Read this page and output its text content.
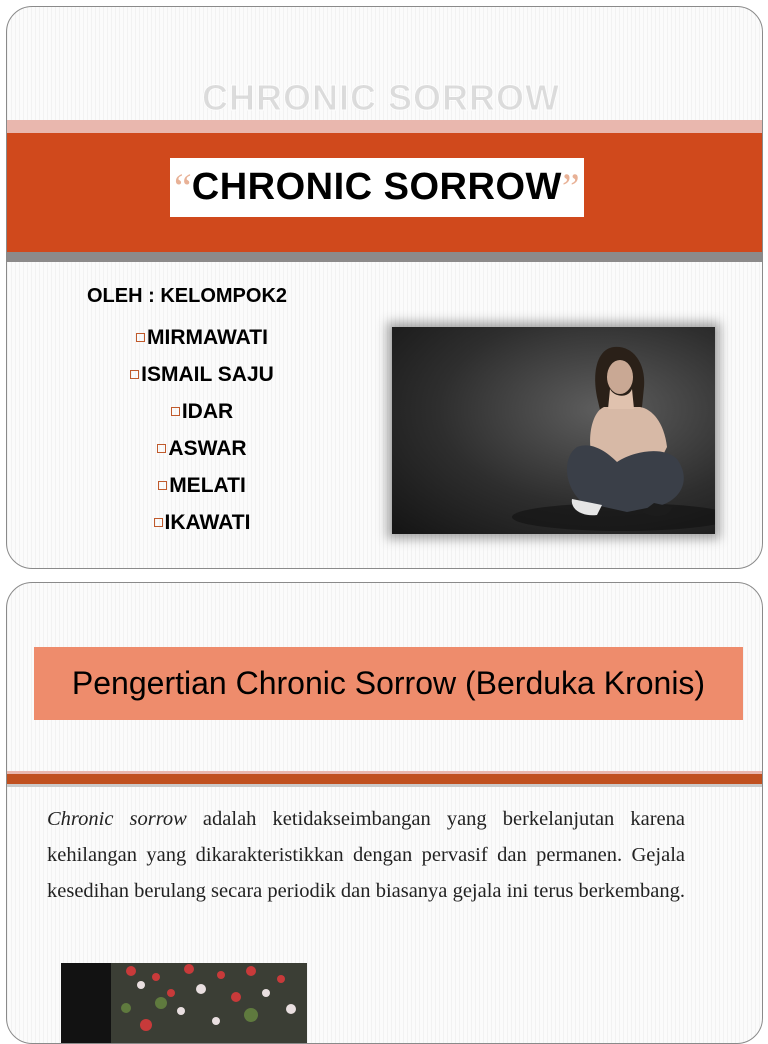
CHRONIC SORROW
“ CHRONIC SORROW ”
OLEH : KELOMPOK2
MIRMAWATI
ISMAIL SAJU
IDAR
ASWAR
MELATI
IKAWATI
Pengertian Chronic Sorrow (Berduka Kronis)

Chronic sorrow adalah ketidakseimbangan yang berkelanjutan karena kehilangan yang dikarakteristikkan dengan pervasif dan permanen. Gejala kesedihan berulang secara periodik dan biasanya gejala ini terus berkembang.
